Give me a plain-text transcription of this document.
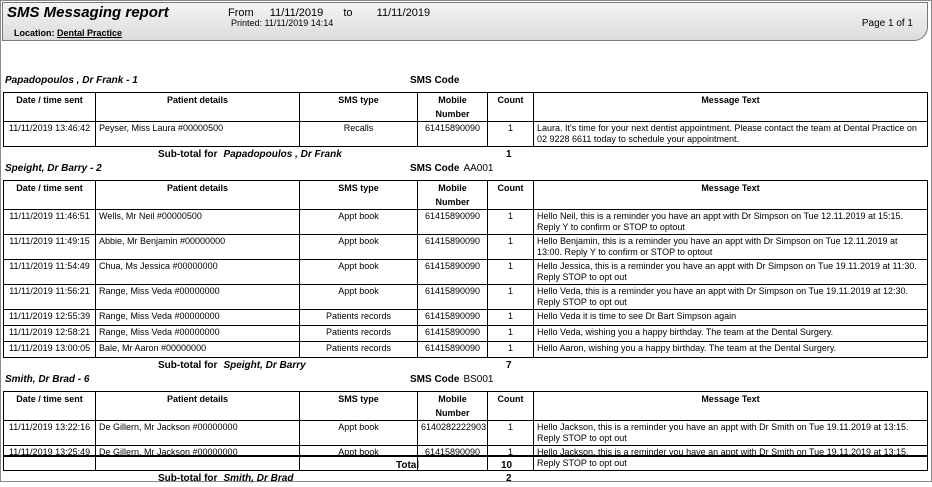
SMS Messaging report	From 11/11/2019 to 11/11/2019
Printed: 11/11/2019 14:14
Location: Dental Practice
Page 1 of 1
Papadopoulos , Dr Frank - 1	SMS Code
Date / time sent	Patient details	SMS type	Mobile Number	Count	Message Text
11/11/2019 13:46:42	Peyser, Miss Laura #00000500	Recalls	61415890090	1	Laura. It's time for your next dentist appointment. Please contact the team at Dental Practice on 02 9228 6611 today to schedule your appointment.
Sub-total for Papadopoulos , Dr Frank	1
Speight, Dr Barry - 2	SMS Code AA001
Date / time sent	Patient details	SMS type	Mobile Number	Count	Message Text
11/11/2019 11:46:51	Wells, Mr Neil #00000500	Appt book	61415890090	1	Hello Neil, this is a reminder you have an appt with Dr Simpson on Tue 12.11.2019 at 15:15. Reply Y to confirm or STOP to optout
11/11/2019 11:49:15	Abbie, Mr Benjamin #00000000	Appt book	61415890090	1	Hello Benjamin, this is a reminder you have an appt with Dr Simpson on Tue 12.11.2019 at 13:00. Reply Y to confirm or STOP to optout
11/11/2019 11:54:49	Chua, Ms Jessica #00000000	Appt book	61415890090	1	Hello Jessica, this is a reminder you have an appt with Dr Simpson on Tue 19.11.2019 at 11:30. Reply STOP to opt out
11/11/2019 11:56:21	Range, Miss Veda #00000000	Appt book	61415890090	1	Hello Veda, this is a reminder you have an appt with Dr Simpson on Tue 19.11.2019 at 12:30. Reply STOP to opt out
11/11/2019 12:55:39	Range, Miss Veda #00000000	Patients records	61415890090	1	Hello Veda it is time to see Dr Bart Simpson again
11/11/2019 12:58:21	Range, Miss Veda #00000000	Patients records	61415890090	1	Hello Veda, wishing you a happy birthday. The team at the Dental Surgery.
11/11/2019 13:00:05	Bale, Mr Aaron #00000000	Patients records	61415890090	1	Hello Aaron, wishing you a happy birthday. The team at the Dental Surgery.
Sub-total for Speight, Dr Barry	7
Smith, Dr Brad - 6	SMS Code BS001
Date / time sent	Patient details	SMS type	Mobile Number	Count	Message Text
11/11/2019 13:22:16	De Gillern, Mr Jackson #00000000	Appt book	6140282222903	1	Hello Jackson, this is a reminder you have an appt with Dr Smith on Tue 19.11.2019 at 13:15. Reply STOP to opt out
11/11/2019 13:25:49	De Gillern, Mr Jackson #00000000	Appt book	61415890090	1	Hello Jackson, this is a reminder you have an appt with Dr Smith on Tue 19.11.2019 at 13:15. Reply STOP to opt out
Sub-total for Smith, Dr Brad	2
Total	10
